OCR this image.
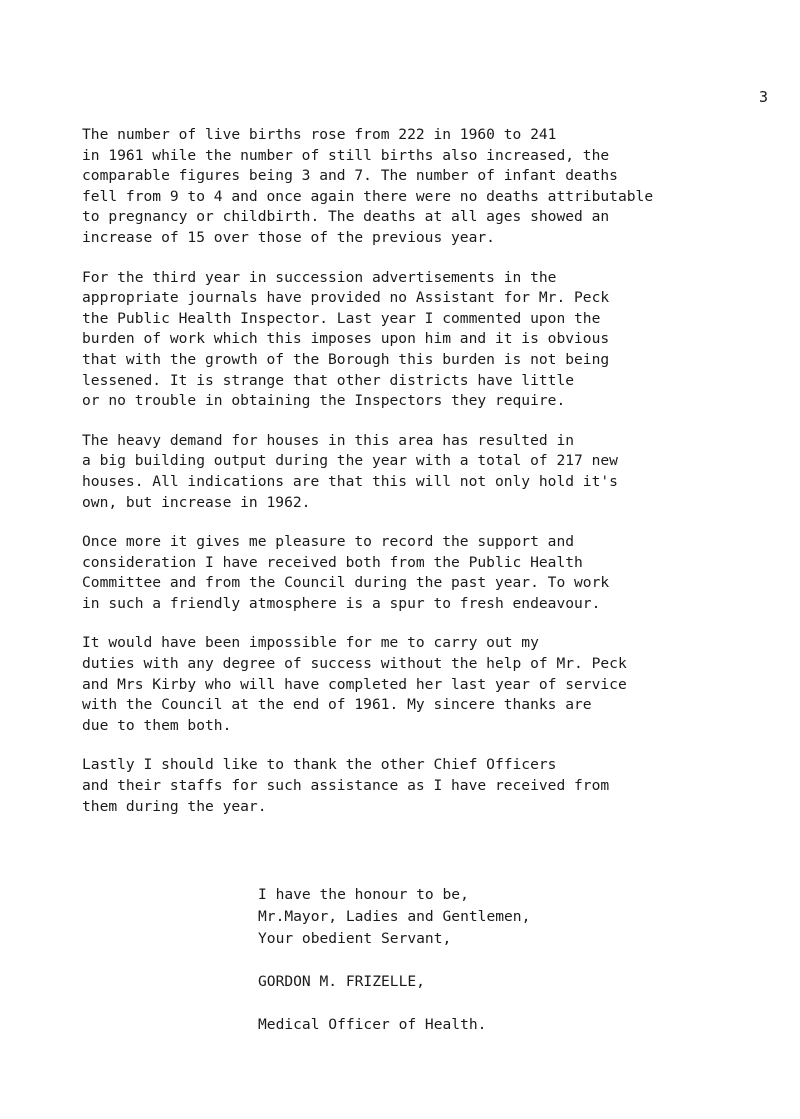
3

The number of live births rose from 222 in 1960 to 241
in 1961 while the number of still births also increased, the
comparable figures being 3 and 7. The number of infant deaths
fell from 9 to 4 and once again there were no deaths attributable
to pregnancy or childbirth. The deaths at all ages showed an
increase of 15 over those of the previous year.

For the third year in succession advertisements in the
appropriate journals have provided no Assistant for Mr. Peck
the Public Health Inspector. Last year I commented upon the
burden of work which this imposes upon him and it is obvious
that with the growth of the Borough this burden is not being
lessened. It is strange that other districts have little
or no trouble in obtaining the Inspectors they require.

The heavy demand for houses in this area has resulted in
a big building output during the year with a total of 217 new
houses. All indications are that this will not only hold it's
own, but increase in 1962.

Once more it gives me pleasure to record the support and
consideration I have received both from the Public Health
Committee and from the Council during the past year. To work
in such a friendly atmosphere is a spur to fresh endeavour.

It would have been impossible for me to carry out my
duties with any degree of success without the help of Mr. Peck
and Mrs Kirby who will have completed her last year of service
with the Council at the end of 1961. My sincere thanks are
due to them both.

Lastly I should like to thank the other Chief Officers
and their staffs for such assistance as I have received from
them during the year.

I have the honour to be,
Mr.Mayor, Ladies and Gentlemen,
Your obedient Servant,
GORDON M. FRIZELLE,
Medical Officer of Health.
